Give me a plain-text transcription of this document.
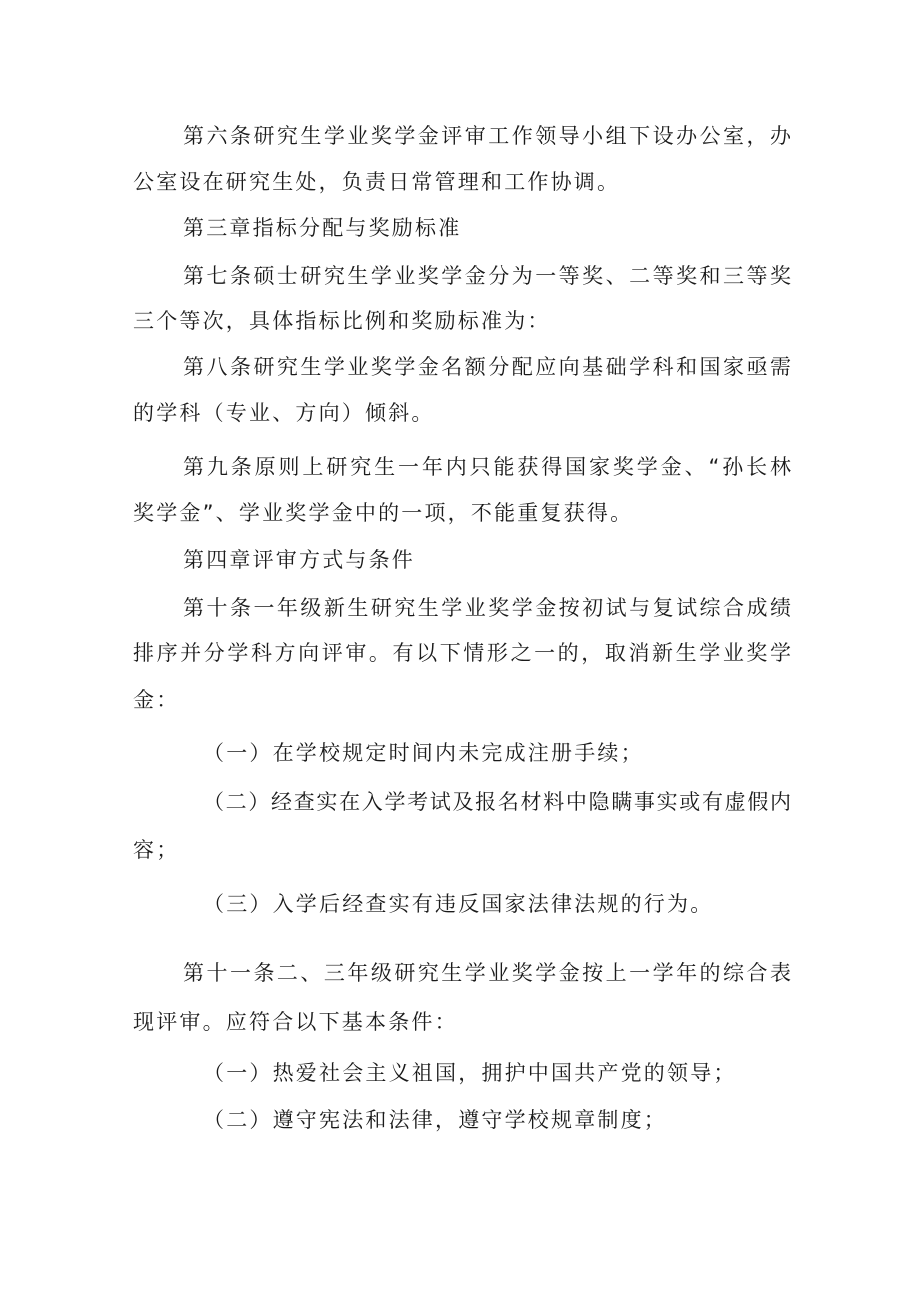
第六条研究生学业奖学金评审工作领导小组下设办公室，办
公室设在研究生处，负责日常管理和工作协调。
第三章指标分配与奖励标准
第七条硕士研究生学业奖学金分为一等奖、二等奖和三等奖
三个等次，具体指标比例和奖励标准为：
第八条研究生学业奖学金名额分配应向基础学科和国家亟需
的学科（专业、方向）倾斜。
第九条原则上研究生一年内只能获得国家奖学金、“孙长林
奖学金”、学业奖学金中的一项，不能重复获得。
第四章评审方式与条件
第十条一年级新生研究生学业奖学金按初试与复试综合成绩
排序并分学科方向评审。有以下情形之一的，取消新生学业奖学
金：
（一）在学校规定时间内未完成注册手续；
（二）经查实在入学考试及报名材料中隐瞒事实或有虚假内
容；
（三）入学后经查实有违反国家法律法规的行为。
第十一条二、三年级研究生学业奖学金按上一学年的综合表
现评审。应符合以下基本条件：
（一）热爱社会主义祖国，拥护中国共产党的领导；
（二）遵守宪法和法律，遵守学校规章制度；
